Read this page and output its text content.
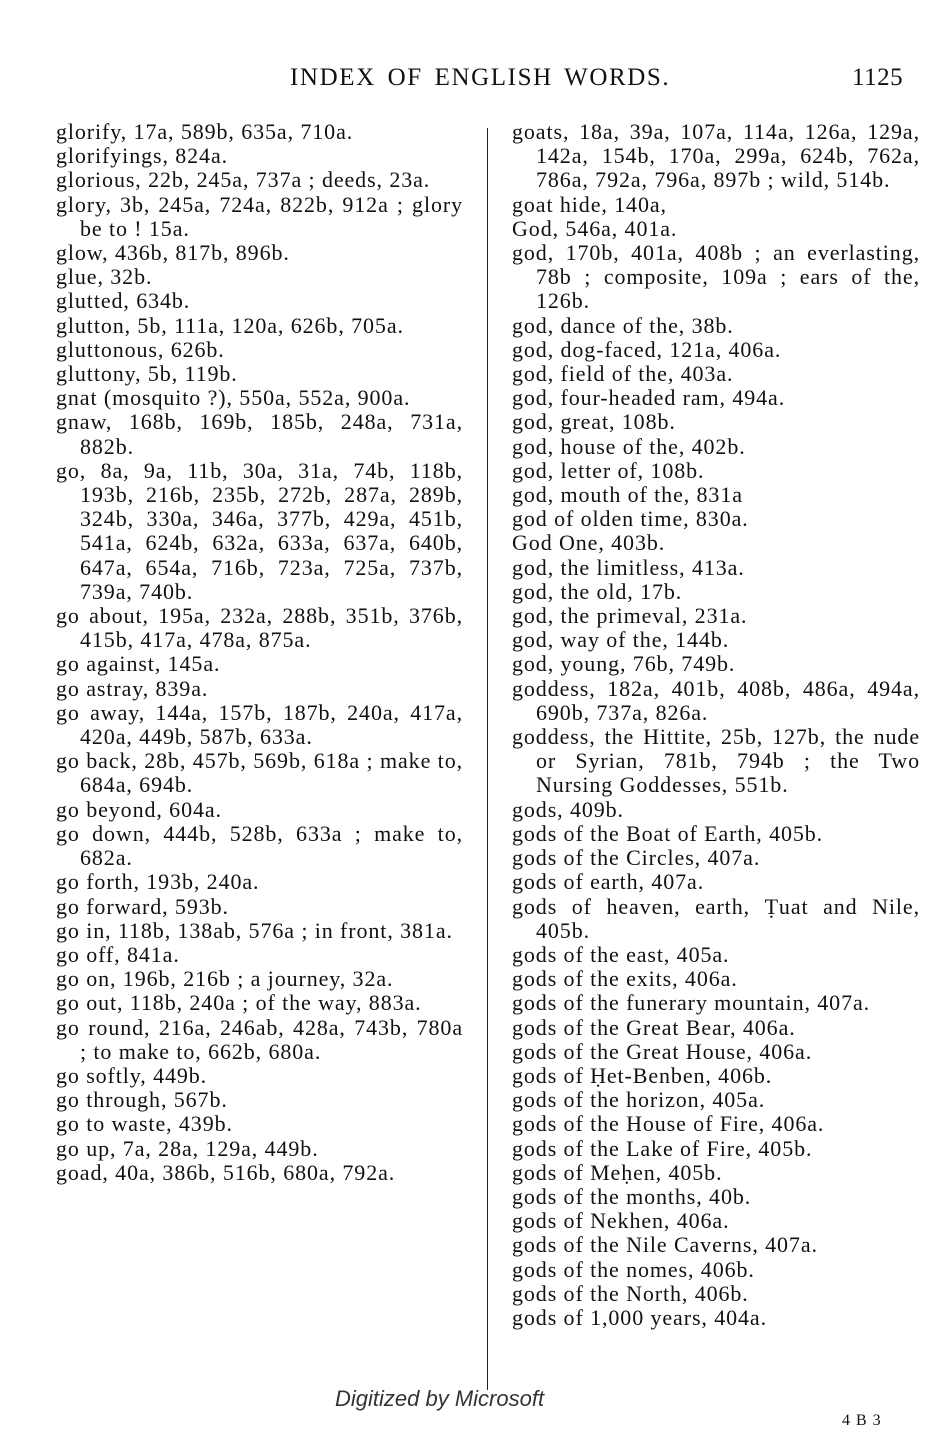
INDEX OF ENGLISH WORDS.	1125
glorify, 17a, 589b, 635a, 710a.
glorifyings, 824a.
glorious, 22b, 245a, 737a ; deeds, 23a.
glory, 3b, 245a, 724a, 822b, 912a ; glory be to ! 15a.
glow, 436b, 817b, 896b.
glue, 32b.
glutted, 634b.
glutton, 5b, 111a, 120a, 626b, 705a.
gluttonous, 626b.
gluttony, 5b, 119b.
gnat (mosquito ?), 550a, 552a, 900a.
gnaw, 168b, 169b, 185b, 248a, 731a, 882b.
go, 8a, 9a, 11b, 30a, 31a, 74b, 118b, 193b, 216b, 235b, 272b, 287a, 289b, 324b, 330a, 346a, 377b, 429a, 451b, 541a, 624b, 632a, 633a, 637a, 640b, 647a, 654a, 716b, 723a, 725a, 737b, 739a, 740b.
go about, 195a, 232a, 288b, 351b, 376b, 415b, 417a, 478a, 875a.
go against, 145a.
go astray, 839a.
go away, 144a, 157b, 187b, 240a, 417a, 420a, 449b, 587b, 633a.
go back, 28b, 457b, 569b, 618a ; make to, 684a, 694b.
go beyond, 604a.
go down, 444b, 528b, 633a ; make to, 682a.
go forth, 193b, 240a.
go forward, 593b.
go in, 118b, 138ab, 576a ; in front, 381a.
go off, 841a.
go on, 196b, 216b ; a journey, 32a.
go out, 118b, 240a ; of the way, 883a.
go round, 216a, 246ab, 428a, 743b, 780a ; to make to, 662b, 680a.
go softly, 449b.
go through, 567b.
go to waste, 439b.
go up, 7a, 28a, 129a, 449b.
goad, 40a, 386b, 516b, 680a, 792a.
goats, 18a, 39a, 107a, 114a, 126a, 129a, 142a, 154b, 170a, 299a, 624b, 762a, 786a, 792a, 796a, 897b ; wild, 514b.
goat hide, 140a,
God, 546a, 401a.
god, 170b, 401a, 408b ; an everlasting, 78b ; composite, 109a ; ears of the, 126b.
god, dance of the, 38b.
god, dog-faced, 121a, 406a.
god, field of the, 403a.
god, four-headed ram, 494a.
god, great, 108b.
god, house of the, 402b.
god, letter of, 108b.
god, mouth of the, 831a
god of olden time, 830a.
God One, 403b.
god, the limitless, 413a.
god, the old, 17b.
god, the primeval, 231a.
god, way of the, 144b.
god, young, 76b, 749b.
goddess, 182a, 401b, 408b, 486a, 494a, 690b, 737a, 826a.
goddess, the Hittite, 25b, 127b, the nude or Syrian, 781b, 794b ; the Two Nursing Goddesses, 551b.
gods, 409b.
gods of the Boat of Earth, 405b.
gods of the Circles, 407a.
gods of earth, 407a.
gods of heaven, earth, Ṭuat and Nile, 405b.
gods of the east, 405a.
gods of the exits, 406a.
gods of the funerary mountain, 407a.
gods of the Great Bear, 406a.
gods of the Great House, 406a.
gods of Ḥet-Benben, 406b.
gods of the horizon, 405a.
gods of the House of Fire, 406a.
gods of the Lake of Fire, 405b.
gods of Meḥen, 405b.
gods of the months, 40b.
gods of Nekhen, 406a.
gods of the Nile Caverns, 407a.
gods of the nomes, 406b.
gods of the North, 406b.
gods of 1,000 years, 404a.
Digitized by Microsoft
4 B 3
